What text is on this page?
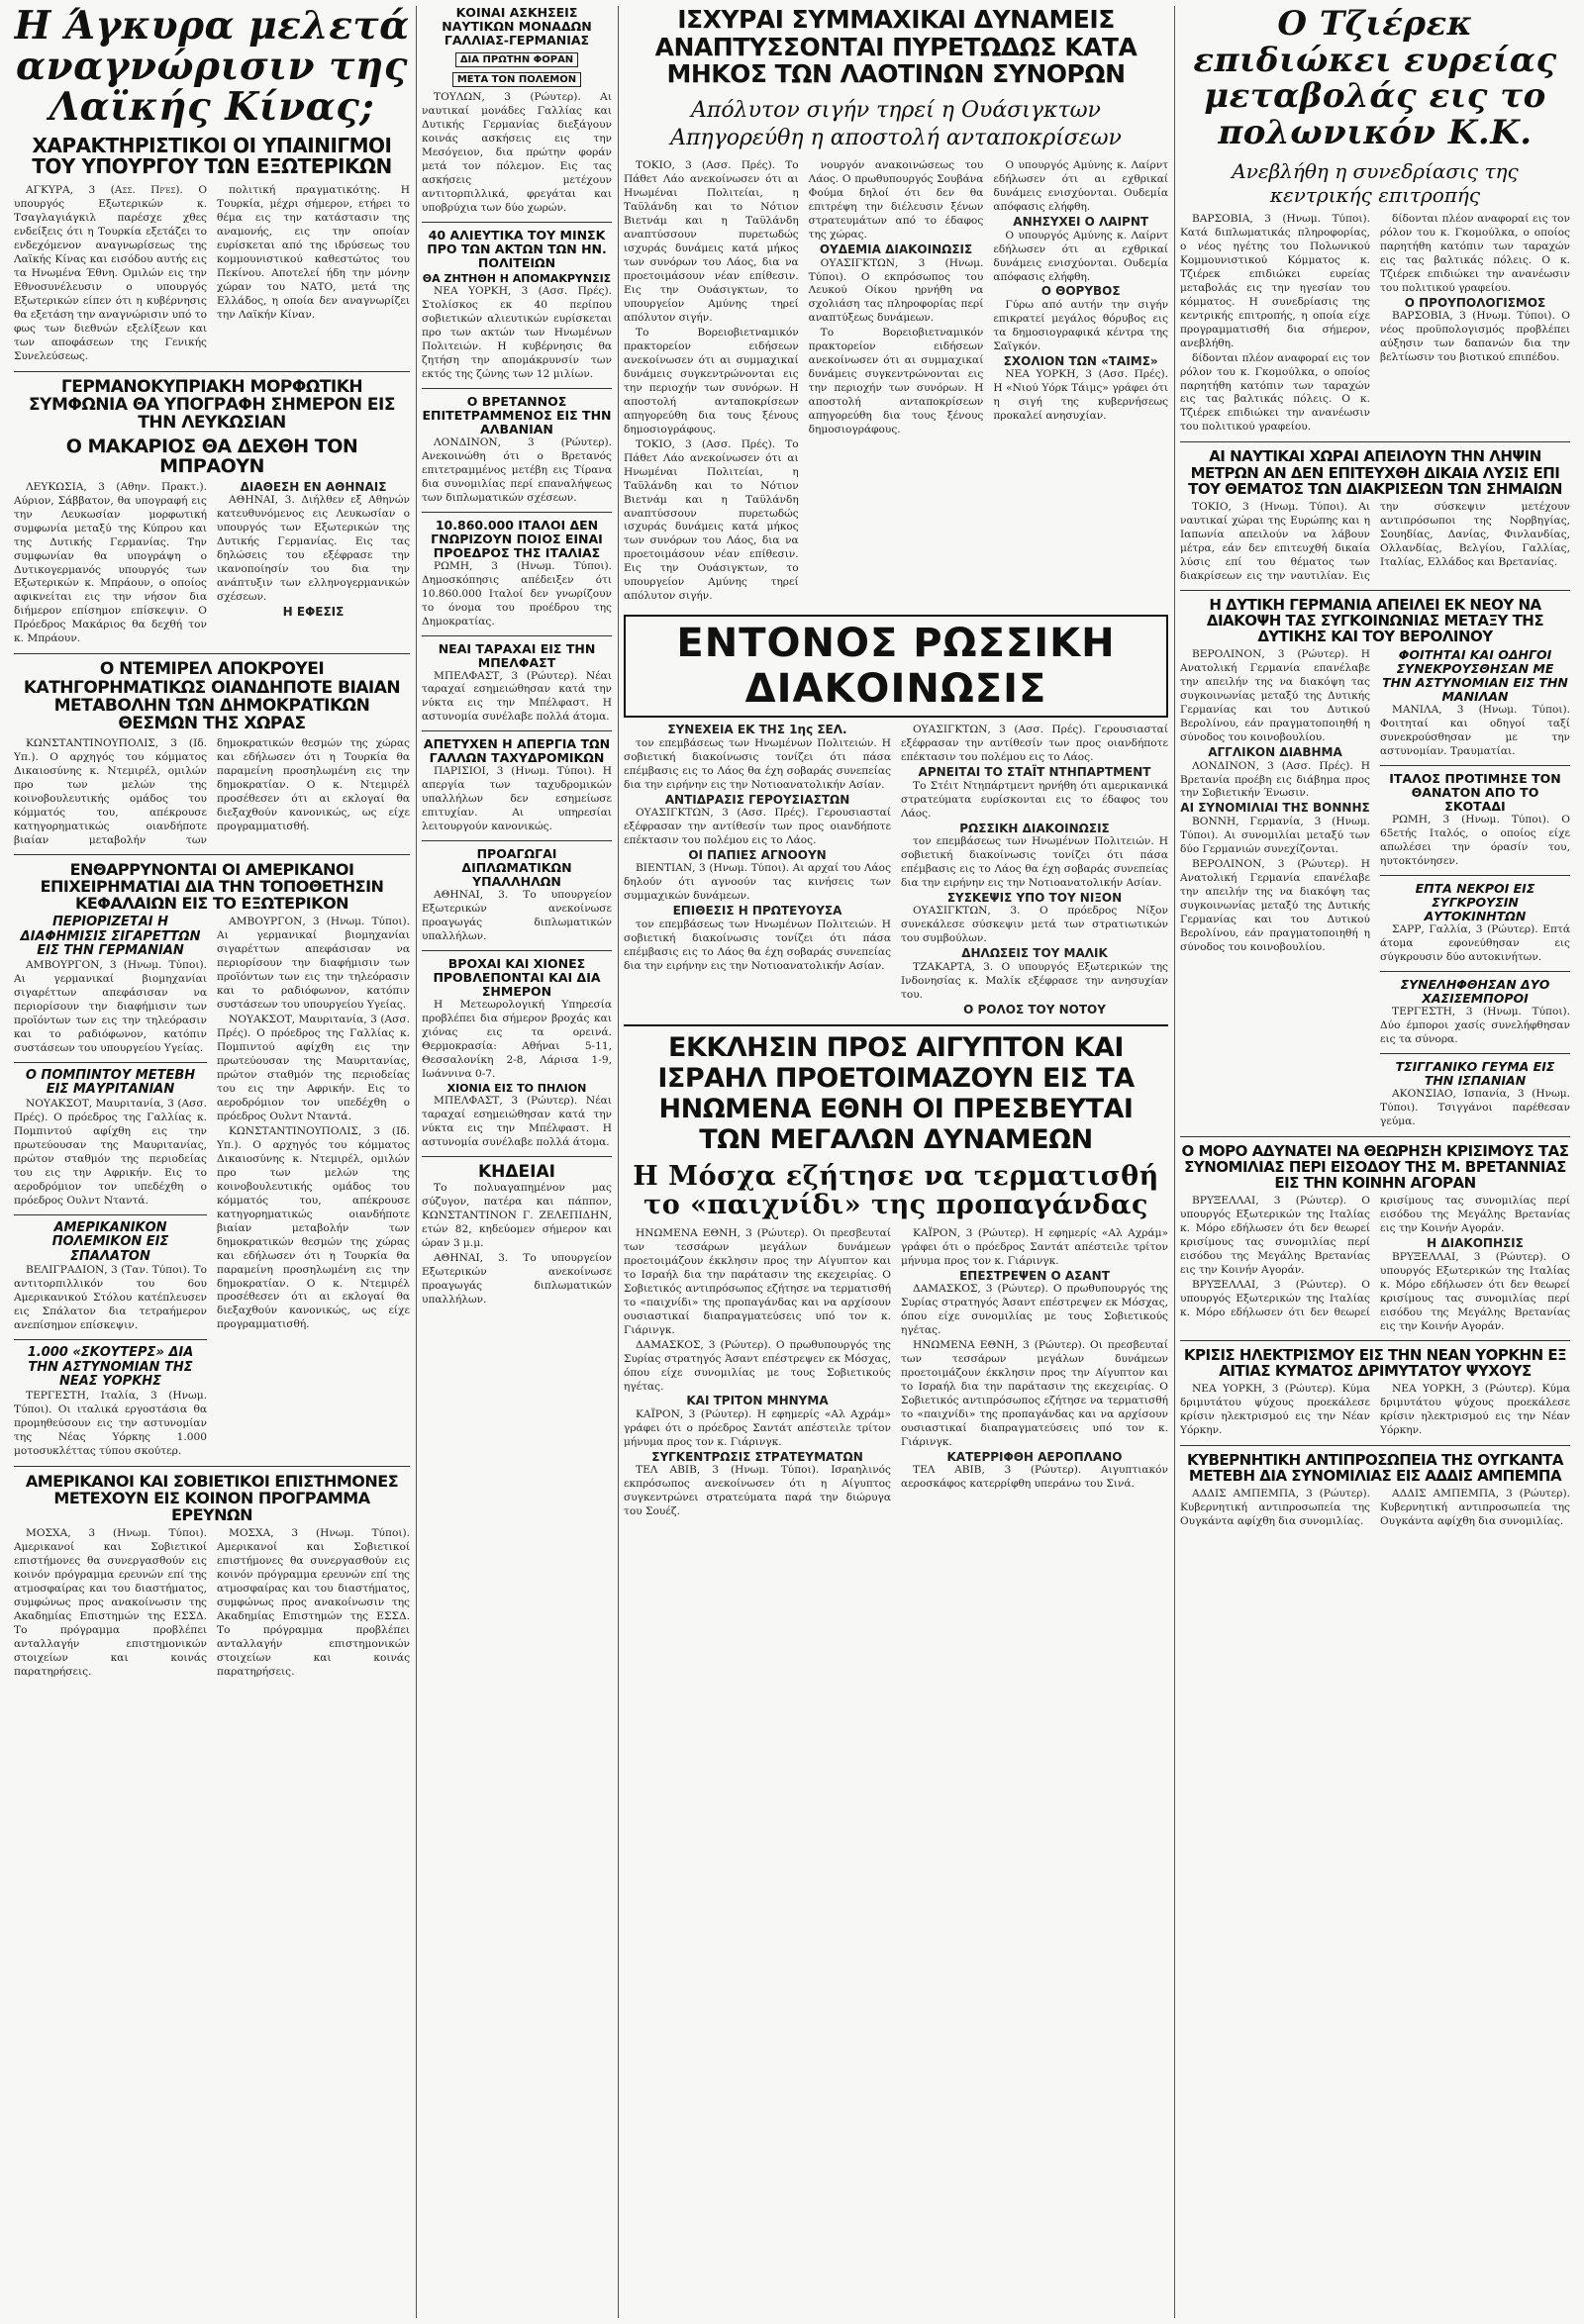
Η Άγκυρα μελετά αναγνώρισιν της Λαϊκής Κίνας;
ΧΑΡΑΚΤΗΡΙΣΤΙΚΟΙ ΟΙ ΥΠΑΙΝΙΓΜΟΙ ΤΟΥ ΥΠΟΥΡΓΟΥ ΤΩΝ ΕΞΩΤΕΡΙΚΩΝ

ΑΓΚΥΡΑ, 3 (Ασσ. Πρές). Ο υπουργός Εξωτερικών κ. Τσαγλαγιάγκιλ παρέσχε χθες ενδείξεις ότι η Τουρκία εξετάζει το ενδεχόμενον αναγνωρίσεως της Λαϊκής Κίνας και εισόδου αυτής εις τα Ηνωμένα Έθνη. Ομιλών εις την Εθνοσυνέλευσιν ο υπουργός Εξωτερικών είπεν ότι η κυβέρνησις θα εξετάση την αναγνώρισιν υπό το φως των διεθνών εξελίξεων και των αποφάσεων της Γενικής Συνελεύσεως.

πολιτική πραγματικότης. Η Τουρκία, μέχρι σήμερον, ετήρει το θέμα εις την κατάστασιν της αναμονής, εις την οποίαν ευρίσκεται από της ιδρύσεως του κομμουνιστικού καθεστώτος του Πεκίνου. Αποτελεί ήδη την μόνην χώραν του ΝΑΤΟ, μετά της Ελλάδος, η οποία δεν αναγνωρίζει την Λαϊκήν Κίναν.

ΓΕΡΜΑΝΟΚΥΠΡΙΑΚΗ ΜΟΡΦΩΤΙΚΗ ΣΥΜΦΩΝΙΑ ΘΑ ΥΠΟΓΡΑΦΗ ΣΗΜΕΡΟΝ ΕΙΣ ΤΗΝ ΛΕΥΚΩΣΙΑΝ
Ο ΜΑΚΑΡΙΟΣ ΘΑ ΔΕΧΘΗ ΤΟΝ ΜΠΡΑΟΥΝ

ΛΕΥΚΩΣΙΑ, 3 (Αθην. Πρακτ.). Αύριον, Σάββατον, θα υπογραφή εις την Λευκωσίαν μορφωτική συμφωνία μεταξύ της Κύπρου και της Δυτικής Γερμανίας. Την συμφωνίαν θα υπογράψη ο Δυτικογερμανός υπουργός των Εξωτερικών κ. Μπράουν, ο οποίος αφικνείται εις την νήσον δια διήμερον επίσημον επίσκεψιν. Ο Πρόεδρος Μακάριος θα δεχθή τον κ. Μπράουν.

ΔΙΑΘΕΣΗ ΕΝ ΑΘΗΝΑΙΣ

ΑΘΗΝΑΙ, 3. Διήλθεν εξ Αθηνών κατευθυνόμενος εις Λευκωσίαν ο υπουργός των Εξωτερικών της Δυτικής Γερμανίας. Εις τας δηλώσεις του εξέφρασε την ικανοποίησίν του δια την ανάπτυξιν των ελληνογερμανικών σχέσεων.

Η ΕΦΕΣΙΣ
Ο ΝΤΕΜΙΡΕΛ ΑΠΟΚΡΟΥΕΙ ΚΑΤΗΓΟΡΗΜΑΤΙΚΩΣ ΟΙΑΝΔΗΠΟΤΕ ΒΙΑΙΑΝ ΜΕΤΑΒΟΛΗΝ ΤΩΝ ΔΗΜΟΚΡΑΤΙΚΩΝ ΘΕΣΜΩΝ ΤΗΣ ΧΩΡΑΣ

ΚΩΝΣΤΑΝΤΙΝΟΥΠΟΛΙΣ, 3 (Ιδ. Υπ.). Ο αρχηγός του κόμματος Δικαιοσύνης κ. Ντεμιρέλ, ομιλών προ των μελών της κοινοβουλευτικής ομάδος του κόμματός του, απέκρουσε κατηγορηματικώς οιανδήποτε βιαίαν μεταβολήν των δημοκρατικών θεσμών της χώρας και εδήλωσεν ότι η Τουρκία θα παραμείνη προσηλωμένη εις την δημοκρατίαν. Ο κ. Ντεμιρέλ προσέθεσεν ότι αι εκλογαί θα διεξαχθούν κανονικώς, ως είχε προγραμματισθή.

ΕΝΘΑΡΡΥΝΟΝΤΑΙ ΟΙ ΑΜΕΡΙΚΑΝΟΙ ΕΠΙΧΕΙΡΗΜΑΤΙΑΙ ΔΙΑ ΤΗΝ ΤΟΠΟΘΕΤΗΣΙΝ ΚΕΦΑΛΑΙΩΝ ΕΙΣ ΤΟ ΕΞΩΤΕΡΙΚΟΝ
ΠΕΡΙΟΡΙΖΕΤΑΙ Η ΔΙΑΦΗΜΙΣΙΣ ΣΙΓΑΡΕΤΤΩΝ ΕΙΣ ΤΗΝ ΓΕΡΜΑΝΙΑΝ

ΑΜΒΟΥΡΓΟΝ, 3 (Ηνωμ. Τύποι). Αι γερμανικαί βιομηχανίαι σιγαρέττων απεφάσισαν να περιορίσουν την διαφήμισιν των προϊόντων των εις την τηλεόρασιν και το ραδιόφωνον, κατόπιν συστάσεων του υπουργείου Υγείας.

Ο ΠΟΜΠΙΝΤΟΥ ΜΕΤΕΒΗ ΕΙΣ ΜΑΥΡΙΤΑΝΙΑΝ

ΝΟΥΑΚΣΟΤ, Μαυριτανία, 3 (Ασσ. Πρές). Ο πρόεδρος της Γαλλίας κ. Πομπιντού αφίχθη εις την πρωτεύουσαν της Μαυριτανίας, πρώτον σταθμόν της περιοδείας του εις την Αφρικήν. Εις το αεροδρόμιον τον υπεδέχθη ο πρόεδρος Ουλντ Νταντά.

ΑΜΕΡΙΚΑΝΙΚΟΝ ΠΟΛΕΜΙΚΟΝ ΕΙΣ ΣΠΑΛΑΤΟΝ

ΒΕΛΙΓΡΑΔΙΟΝ, 3 (Ταν. Τύποι). Το αντιτορπιλλικόν του 6ου Αμερικανικού Στόλου κατέπλευσεν εις Σπάλατον δια τετραήμερον ανεπίσημον επίσκεψιν.

1.000 «ΣΚΟΥΤΕΡΣ» ΔΙΑ ΤΗΝ ΑΣΤΥΝΟΜΙΑΝ ΤΗΣ ΝΕΑΣ ΥΟΡΚΗΣ

ΤΕΡΓΕΣΤΗ, Ιταλία, 3 (Ηνωμ. Τύποι). Οι ιταλικά εργοστάσια θα προμηθεύσουν εις την αστυνομίαν της Νέας Υόρκης 1.000 μοτοσυκλέττας τύπου σκούτερ.

ΑΜΒΟΥΡΓΟΝ, 3 (Ηνωμ. Τύποι). Αι γερμανικαί βιομηχανίαι σιγαρέττων απεφάσισαν να περιορίσουν την διαφήμισιν των προϊόντων των εις την τηλεόρασιν και το ραδιόφωνον, κατόπιν συστάσεων του υπουργείου Υγείας.

ΝΟΥΑΚΣΟΤ, Μαυριτανία, 3 (Ασσ. Πρές). Ο πρόεδρος της Γαλλίας κ. Πομπιντού αφίχθη εις την πρωτεύουσαν της Μαυριτανίας, πρώτον σταθμόν της περιοδείας του εις την Αφρικήν. Εις το αεροδρόμιον τον υπεδέχθη ο πρόεδρος Ουλντ Νταντά.

ΚΩΝΣΤΑΝΤΙΝΟΥΠΟΛΙΣ, 3 (Ιδ. Υπ.). Ο αρχηγός του κόμματος Δικαιοσύνης κ. Ντεμιρέλ, ομιλών προ των μελών της κοινοβουλευτικής ομάδος του κόμματός του, απέκρουσε κατηγορηματικώς οιανδήποτε βιαίαν μεταβολήν των δημοκρατικών θεσμών της χώρας και εδήλωσεν ότι η Τουρκία θα παραμείνη προσηλωμένη εις την δημοκρατίαν. Ο κ. Ντεμιρέλ προσέθεσεν ότι αι εκλογαί θα διεξαχθούν κανονικώς, ως είχε προγραμματισθή.

ΑΜΕΡΙΚΑΝΟΙ ΚΑΙ ΣΟΒΙΕΤΙΚΟΙ ΕΠΙΣΤΗΜΟΝΕΣ ΜΕΤΕΧΟΥΝ ΕΙΣ ΚΟΙΝΟΝ ΠΡΟΓΡΑΜΜΑ ΕΡΕΥΝΩΝ

ΜΟΣΧΑ, 3 (Ηνωμ. Τύποι). Αμερικανοί και Σοβιετικοί επιστήμονες θα συνεργασθούν εις κοινόν πρόγραμμα ερευνών επί της ατμοσφαίρας και του διαστήματος, συμφώνως προς ανακοίνωσιν της Ακαδημίας Επιστημών της ΕΣΣΔ. Το πρόγραμμα προβλέπει ανταλλαγήν επιστημονικών στοιχείων και κοινάς παρατηρήσεις.

ΜΟΣΧΑ, 3 (Ηνωμ. Τύποι). Αμερικανοί και Σοβιετικοί επιστήμονες θα συνεργασθούν εις κοινόν πρόγραμμα ερευνών επί της ατμοσφαίρας και του διαστήματος, συμφώνως προς ανακοίνωσιν της Ακαδημίας Επιστημών της ΕΣΣΔ. Το πρόγραμμα προβλέπει ανταλλαγήν επιστημονικών στοιχείων και κοινάς παρατηρήσεις.

ΚΟΙΝΑΙ ΑΣΚΗΣΕΙΣ ΝΑΥΤΙΚΩΝ ΜΟΝΑΔΩΝ ΓΑΛΛΙΑΣ-ΓΕΡΜΑΝΙΑΣ
ΔΙΑ ΠΡΩΤΗΝ ΦΟΡΑΝ
ΜΕΤΑ ΤΟΝ ΠΟΛΕΜΟΝ

ΤΟΥΛΩΝ, 3 (Ρώυτερ). Αι ναυτικαί μονάδες Γαλλίας και Δυτικής Γερμανίας διεξάγουν κοινάς ασκήσεις εις την Μεσόγειον, δια πρώτην φοράν μετά τον πόλεμον. Εις τας ασκήσεις μετέχουν αντιτορπιλλικά, φρεγάται και υποβρύχια των δύο χωρών.

40 ΑΛΙΕΥΤΙΚΑ ΤΟΥ ΜΙΝΣΚ ΠΡΟ ΤΩΝ ΑΚΤΩΝ ΤΩΝ ΗΝ. ΠΟΛΙΤΕΙΩΝ
ΘΑ ΖΗΤΗΘΗ Η ΑΠΟΜΑΚΡΥΝΣΙΣ

ΝΕΑ ΥΟΡΚΗ, 3 (Ασσ. Πρές). Στολίσκος εκ 40 περίπου σοβιετικών αλιευτικών ευρίσκεται προ των ακτών των Ηνωμένων Πολιτειών. Η κυβέρνησις θα ζητήση την απομάκρυνσίν των εκτός της ζώνης των 12 μιλίων.

Ο ΒΡΕΤΑΝΝΟΣ ΕΠΙΤΕΤΡΑΜΜΕΝΟΣ ΕΙΣ ΤΗΝ ΑΛΒΑΝΙΑΝ

ΛΟΝΔΙΝΟΝ, 3 (Ρώυτερ). Ανεκοινώθη ότι ο Βρετανός επιτετραμμένος μετέβη εις Τίρανα δια συνομιλίας περί επαναλήψεως των διπλωματικών σχέσεων.

10.860.000 ΙΤΑΛΟΙ ΔΕΝ ΓΝΩΡΙΖΟΥΝ ΠΟΙΟΣ ΕΙΝΑΙ ΠΡΟΕΔΡΟΣ ΤΗΣ ΙΤΑΛΙΑΣ

ΡΩΜΗ, 3 (Ηνωμ. Τύποι). Δημοσκόπησις απέδειξεν ότι 10.860.000 Ιταλοί δεν γνωρίζουν το όνομα του προέδρου της Δημοκρατίας.

ΝΕΑΙ ΤΑΡΑΧΑΙ ΕΙΣ ΤΗΝ ΜΠΕΛΦΑΣΤ

ΜΠΕΛΦΑΣΤ, 3 (Ρώυτερ). Νέαι ταραχαί εσημειώθησαν κατά την νύκτα εις την Μπέλφαστ. Η αστυνομία συνέλαβε πολλά άτομα.

ΑΠΕΤΥΧΕΝ Η ΑΠΕΡΓΙΑ ΤΩΝ ΓΑΛΛΩΝ ΤΑΧΥΔΡΟΜΙΚΩΝ

ΠΑΡΙΣΙΟΙ, 3 (Ηνωμ. Τύποι). Η απεργία των ταχυδρομικών υπαλλήλων δεν εσημείωσε επιτυχίαν. Αι υπηρεσίαι λειτουργούν κανονικώς.

ΠΡΟΑΓΩΓΑΙ ΔΙΠΛΩΜΑΤΙΚΩΝ ΥΠΑΛΛΗΛΩΝ

ΑΘΗΝΑΙ, 3. Το υπουργείον Εξωτερικών ανεκοίνωσε προαγωγάς διπλωματικών υπαλλήλων.

ΒΡΟΧΑΙ ΚΑΙ ΧΙΟΝΕΣ ΠΡΟΒΛΕΠΟΝΤΑΙ ΚΑΙ ΔΙΑ ΣΗΜΕΡΟΝ

Η Μετεωρολογική Υπηρεσία προβλέπει δια σήμερον βροχάς και χιόνας εις τα ορεινά. Θερμοκρασία: Αθήναι 5-11, Θεσσαλονίκη 2-8, Λάρισα 1-9, Ιωάννινα 0-7.

ΧΙΟΝΙΑ ΕΙΣ ΤΟ ΠΗΛΙΟΝ

ΜΠΕΛΦΑΣΤ, 3 (Ρώυτερ). Νέαι ταραχαί εσημειώθησαν κατά την νύκτα εις την Μπέλφαστ. Η αστυνομία συνέλαβε πολλά άτομα.

ΚΗΔΕΙΑΙ

Το πολυαγαπημένον μας σύζυγον, πατέρα και πάππον, ΚΩΝΣΤΑΝΤΙΝΟΝ Γ. ΖΕΛΕΠΙΔΗΝ, ετών 82, κηδεύομεν σήμερον και ώραν 3 μ.μ.

ΑΘΗΝΑΙ, 3. Το υπουργείον Εξωτερικών ανεκοίνωσε προαγωγάς διπλωματικών υπαλλήλων.

ΙΣΧΥΡΑΙ ΣΥΜΜΑΧΙΚΑΙ ΔΥΝΑΜΕΙΣ ΑΝΑΠΤΥΣΣΟΝΤΑΙ ΠΥΡΕΤΩΔΩΣ ΚΑΤΑ ΜΗΚΟΣ ΤΩΝ ΛΑΟΤΙΝΩΝ ΣΥΝΟΡΩΝ
Απόλυτον σιγήν τηρεί η Ουάσιγκτων
Απηγορεύθη η αποστολή ανταποκρίσεων

ΤΟΚΙΟ, 3 (Ασσ. Πρές). Το Πάθετ Λάο ανεκοίνωσεν ότι αι Ηνωμέναι Πολιτείαι, η Ταϋλάνδη και το Νότιον Βιετνάμ και η Ταϋλάνδη αναπτύσσουν πυρετωδώς ισχυράς δυνάμεις κατά μήκος των συνόρων του Λάος, δια να προετοιμάσουν νέαν επίθεσιν. Εις την Ουάσιγκτων, το υπουργείον Αμύνης τηρεί απόλυτον σιγήν.

Το Βορειοβιετναμικόν πρακτορείον ειδήσεων ανεκοίνωσεν ότι αι συμμαχικαί δυνάμεις συγκεντρώνονται εις την περιοχήν των συνόρων. Η αποστολή ανταποκρίσεων απηγορεύθη δια τους ξένους δημοσιογράφους.

ΤΟΚΙΟ, 3 (Ασσ. Πρές). Το Πάθετ Λάο ανεκοίνωσεν ότι αι Ηνωμέναι Πολιτείαι, η Ταϋλάνδη και το Νότιον Βιετνάμ και η Ταϋλάνδη αναπτύσσουν πυρετωδώς ισχυράς δυνάμεις κατά μήκος των συνόρων του Λάος, δια να προετοιμάσουν νέαν επίθεσιν. Εις την Ουάσιγκτων, το υπουργείον Αμύνης τηρεί απόλυτον σιγήν.

νουργόν ανακοινώσεως του Λάος. Ο πρωθυπουργός Σουβάνα Φούμα δηλοί ότι δεν θα επιτρέψη την διέλευσιν ξένων στρατευμάτων από το έδαφος της χώρας.

ΟΥΔΕΜΙΑ ΔΙΑΚΟΙΝΩΣΙΣ

ΟΥΑΣΙΓΚΤΩΝ, 3 (Ηνωμ. Τύποι). Ο εκπρόσωπος του Λευκού Οίκου ηρνήθη να σχολιάση τας πληροφορίας περί αναπτύξεως δυνάμεων.

Το Βορειοβιετναμικόν πρακτορείον ειδήσεων ανεκοίνωσεν ότι αι συμμαχικαί δυνάμεις συγκεντρώνονται εις την περιοχήν των συνόρων. Η αποστολή ανταποκρίσεων απηγορεύθη δια τους ξένους δημοσιογράφους.

Ο υπουργός Αμύνης κ. Λαίρντ εδήλωσεν ότι αι εχθρικαί δυνάμεις ενισχύονται. Ουδεμία απόφασις ελήφθη.

ΑΝΗΣΥΧΕΙ Ο ΛΑΙΡΝΤ

Ο υπουργός Αμύνης κ. Λαίρντ εδήλωσεν ότι αι εχθρικαί δυνάμεις ενισχύονται. Ουδεμία απόφασις ελήφθη.

Ο ΘΟΡΥΒΟΣ

Γύρω από αυτήν την σιγήν επικρατεί μεγάλος θόρυβος εις τα δημοσιογραφικά κέντρα της Σαϊγκόν.

ΣΧΟΛΙΟΝ ΤΩΝ «ΤΑΙΜΣ»

ΝΕΑ ΥΟΡΚΗ, 3 (Ασσ. Πρές). Η «Νιού Υόρκ Τάιμς» γράφει ότι η σιγή της κυβερνήσεως προκαλεί ανησυχίαν.

ΕΝΤΟΝΟΣ ΡΩΣΣΙΚΗ ΔΙΑΚΟΙΝΩΣΙΣ
ΣΥΝΕΧΕΙΑ ΕΚ ΤΗΣ 1ης ΣΕΛ.

τον επεμβάσεως των Ηνωμένων Πολιτειών. Η σοβιετική διακοίνωσις τονίζει ότι πάσα επέμβασις εις το Λάος θα έχη σοβαράς συνεπείας δια την ειρήνην εις την Νοτιοανατολικήν Ασίαν.

ΑΝΤΙΔΡΑΣΙΣ ΓΕΡΟΥΣΙΑΣΤΩΝ

ΟΥΑΣΙΓΚΤΩΝ, 3 (Ασσ. Πρές). Γερουσιασταί εξέφρασαν την αντίθεσίν των προς οιανδήποτε επέκτασιν του πολέμου εις το Λάος.

ΟΙ ΠΑΠΙΕΣ ΑΓΝΟΟΥΝ

ΒΙΕΝΤΙΑΝ, 3 (Ηνωμ. Τύποι). Αι αρχαί του Λάος δηλούν ότι αγνοούν τας κινήσεις των συμμαχικών δυνάμεων.

ΕΠΙΘΕΣΙΣ Η ΠΡΩΤΕΥΟΥΣΑ

τον επεμβάσεως των Ηνωμένων Πολιτειών. Η σοβιετική διακοίνωσις τονίζει ότι πάσα επέμβασις εις το Λάος θα έχη σοβαράς συνεπείας δια την ειρήνην εις την Νοτιοανατολικήν Ασίαν.

ΟΥΑΣΙΓΚΤΩΝ, 3 (Ασσ. Πρές). Γερουσιασταί εξέφρασαν την αντίθεσίν των προς οιανδήποτε επέκτασιν του πολέμου εις το Λάος.

ΑΡΝΕΙΤΑΙ ΤΟ ΣΤΑΪΤ ΝΤΗΠΑΡΤΜΕΝΤ

Το Στέιτ Ντηπάρτμεντ ηρνήθη ότι αμερικανικά στρατεύματα ευρίσκονται εις το έδαφος του Λάος.

ΡΩΣΣΙΚΗ ΔΙΑΚΟΙΝΩΣΙΣ

τον επεμβάσεως των Ηνωμένων Πολιτειών. Η σοβιετική διακοίνωσις τονίζει ότι πάσα επέμβασις εις το Λάος θα έχη σοβαράς συνεπείας δια την ειρήνην εις την Νοτιοανατολικήν Ασίαν.

ΣΥΣΚΕΨΙΣ ΥΠΟ ΤΟΥ ΝΙΞΟΝ

ΟΥΑΣΙΓΚΤΩΝ, 3. Ο πρόεδρος Νίξον συνεκάλεσε σύσκεψιν μετά των στρατιωτικών του συμβούλων.

ΔΗΛΩΣΕΙΣ ΤΟΥ ΜΑΛΙΚ

ΤΖΑΚΑΡΤΑ, 3. Ο υπουργός Εξωτερικών της Ινδονησίας κ. Μαλίκ εξέφρασε την ανησυχίαν του.

Ο ΡΟΛΟΣ ΤΟΥ ΝΟΤΟΥ
ΕΚΚΛΗΣΙΝ ΠΡΟΣ ΑΙΓΥΠΤΟΝ ΚΑΙ ΙΣΡΑΗΛ ΠΡΟΕΤΟΙΜΑΖΟΥΝ ΕΙΣ ΤΑ ΗΝΩΜΕΝΑ ΕΘΝΗ ΟΙ ΠΡΕΣΒΕΥΤΑΙ ΤΩΝ ΜΕΓΑΛΩΝ ΔΥΝΑΜΕΩΝ
Η Μόσχα εζήτησε να τερματισθή το «παιχνίδι» της προπαγάνδας

ΗΝΩΜΕΝΑ ΕΘΝΗ, 3 (Ρώυτερ). Οι πρεσβευταί των τεσσάρων μεγάλων δυνάμεων προετοιμάζουν έκκλησιν προς την Αίγυπτον και το Ισραήλ δια την παράτασιν της εκεχειρίας. Ο Σοβιετικός αντιπρόσωπος εζήτησε να τερματισθή το «παιχνίδι» της προπαγάνδας και να αρχίσουν ουσιαστικαί διαπραγματεύσεις υπό τον κ. Γιάρινγκ.

ΔΑΜΑΣΚΟΣ, 3 (Ρώυτερ). Ο πρωθυπουργός της Συρίας στρατηγός Άσαντ επέστρεψεν εκ Μόσχας, όπου είχε συνομιλίας με τους Σοβιετικούς ηγέτας.

ΚΑΙ ΤΡΙΤΟΝ ΜΗΝΥΜΑ

ΚΑΪΡΟΝ, 3 (Ρώυτερ). Η εφημερίς «Αλ Αχράμ» γράφει ότι ο πρόεδρος Σαντάτ απέστειλε τρίτον μήνυμα προς τον κ. Γιάρινγκ.

ΣΥΓΚΕΝΤΡΩΣΙΣ ΣΤΡΑΤΕΥΜΑΤΩΝ

ΤΕΛ ΑΒΙΒ, 3 (Ηνωμ. Τύποι). Ισραηλινός εκπρόσωπος ανεκοίνωσεν ότι η Αίγυπτος συγκεντρώνει στρατεύματα παρά την διώρυγα του Σουέζ.

ΚΑΪΡΟΝ, 3 (Ρώυτερ). Η εφημερίς «Αλ Αχράμ» γράφει ότι ο πρόεδρος Σαντάτ απέστειλε τρίτον μήνυμα προς τον κ. Γιάρινγκ.

ΕΠΕΣΤΡΕΨΕΝ Ο ΑΣΑΝΤ

ΔΑΜΑΣΚΟΣ, 3 (Ρώυτερ). Ο πρωθυπουργός της Συρίας στρατηγός Άσαντ επέστρεψεν εκ Μόσχας, όπου είχε συνομιλίας με τους Σοβιετικούς ηγέτας.

ΗΝΩΜΕΝΑ ΕΘΝΗ, 3 (Ρώυτερ). Οι πρεσβευταί των τεσσάρων μεγάλων δυνάμεων προετοιμάζουν έκκλησιν προς την Αίγυπτον και το Ισραήλ δια την παράτασιν της εκεχειρίας. Ο Σοβιετικός αντιπρόσωπος εζήτησε να τερματισθή το «παιχνίδι» της προπαγάνδας και να αρχίσουν ουσιαστικαί διαπραγματεύσεις υπό τον κ. Γιάρινγκ.

ΚΑΤΕΡΡΙΦΘΗ ΑΕΡΟΠΛΑΝΟ

ΤΕΛ ΑΒΙΒ, 3 (Ρώυτερ). Αιγυπτιακόν αεροσκάφος κατερρίφθη υπεράνω του Σινά.

Ο Τζιέρεκ επιδιώκει ευρείας μεταβολάς εις το πολωνικόν Κ.Κ.
Ανεβλήθη η συνεδρίασις της κεντρικής επιτροπής

ΒΑΡΣΟΒΙΑ, 3 (Ηνωμ. Τύποι). Κατά διπλωματικάς πληροφορίας, ο νέος ηγέτης του Πολωνικού Κομμουνιστικού Κόμματος κ. Τζιέρεκ επιδιώκει ευρείας μεταβολάς εις την ηγεσίαν του κόμματος. Η συνεδρίασις της κεντρικής επιτροπής, η οποία είχε προγραμματισθή δια σήμερον, ανεβλήθη.

δίδονται πλέον αναφοραί εις τον ρόλον του κ. Γκομούλκα, ο οποίος παρητήθη κατόπιν των ταραχών εις τας βαλτικάς πόλεις. Ο κ. Τζιέρεκ επιδιώκει την ανανέωσιν του πολιτικού γραφείου.

δίδονται πλέον αναφοραί εις τον ρόλον του κ. Γκομούλκα, ο οποίος παρητήθη κατόπιν των ταραχών εις τας βαλτικάς πόλεις. Ο κ. Τζιέρεκ επιδιώκει την ανανέωσιν του πολιτικού γραφείου.

Ο ΠΡΟΥΠΟΛΟΓΙΣΜΟΣ

ΒΑΡΣΟΒΙΑ, 3 (Ηνωμ. Τύποι). Ο νέος προϋπολογισμός προβλέπει αύξησιν των δαπανών δια την βελτίωσιν του βιοτικού επιπέδου.

ΑΙ ΝΑΥΤΙΚΑΙ ΧΩΡΑΙ ΑΠΕΙΛΟΥΝ ΤΗΝ ΛΗΨΙΝ ΜΕΤΡΩΝ ΑΝ ΔΕΝ ΕΠΙΤΕΥΧΘΗ ΔΙΚΑΙΑ ΛΥΣΙΣ ΕΠΙ ΤΟΥ ΘΕΜΑΤΟΣ ΤΩΝ ΔΙΑΚΡΙΣΕΩΝ ΤΩΝ ΣΗΜΑΙΩΝ

ΤΟΚΙΟ, 3 (Ηνωμ. Τύποι). Αι ναυτικαί χώραι της Ευρώπης και η Ιαπωνία απειλούν να λάβουν μέτρα, εάν δεν επιτευχθή δικαία λύσις επί του θέματος των διακρίσεων εις την ναυτιλίαν. Εις την σύσκεψιν μετέχουν αντιπρόσωποι της Νορβηγίας, Σουηδίας, Δανίας, Φινλανδίας, Ολλανδίας, Βελγίου, Γαλλίας, Ιταλίας, Ελλάδος και Βρετανίας.

Η ΔΥΤΙΚΗ ΓΕΡΜΑΝΙΑ ΑΠΕΙΛΕΙ ΕΚ ΝΕΟΥ ΝΑ ΔΙΑΚΟΨΗ ΤΑΣ ΣΥΓΚΟΙΝΩΝΙΑΣ ΜΕΤΑΞΥ ΤΗΣ ΔΥΤΙΚΗΣ ΚΑΙ ΤΟΥ ΒΕΡΟΛΙΝΟΥ

ΒΕΡΟΛΙΝΟΝ, 3 (Ρώυτερ). Η Ανατολική Γερμανία επανέλαβε την απειλήν της να διακόψη τας συγκοινωνίας μεταξύ της Δυτικής Γερμανίας και του Δυτικού Βερολίνου, εάν πραγματοποιηθή η σύνοδος του κοινοβουλίου.

ΑΓΓΛΙΚΟΝ ΔΙΑΒΗΜΑ

ΛΟΝΔΙΝΟΝ, 3 (Ασσ. Πρές). Η Βρετανία προέβη εις διάβημα προς την Σοβιετικήν Ένωσιν.

ΑΙ ΣΥΝΟΜΙΛΙΑΙ ΤΗΣ ΒΟΝΝΗΣ

ΒΟΝΝΗ, Γερμανία, 3 (Ηνωμ. Τύποι). Αι συνομιλίαι μεταξύ των δύο Γερμανιών συνεχίζονται.

ΒΕΡΟΛΙΝΟΝ, 3 (Ρώυτερ). Η Ανατολική Γερμανία επανέλαβε την απειλήν της να διακόψη τας συγκοινωνίας μεταξύ της Δυτικής Γερμανίας και του Δυτικού Βερολίνου, εάν πραγματοποιηθή η σύνοδος του κοινοβουλίου.

ΦΟΙΤΗΤΑΙ ΚΑΙ ΟΔΗΓΟΙ ΣΥΝΕΚΡΟΥΣΘΗΣΑΝ ΜΕ ΤΗΝ ΑΣΤΥΝΟΜΙΑΝ ΕΙΣ ΤΗΝ ΜΑΝΙΛΑΝ

ΜΑΝΙΛΑ, 3 (Ηνωμ. Τύποι). Φοιτηταί και οδηγοί ταξί συνεκρούσθησαν με την αστυνομίαν. Τραυματίαι.

ΙΤΑΛΟΣ ΠΡΟΤΙΜΗΣΕ ΤΟΝ ΘΑΝΑΤΟΝ ΑΠΟ ΤΟ ΣΚΟΤΑΔΙ

ΡΩΜΗ, 3 (Ηνωμ. Τύποι). Ο 65ετής Ιταλός, ο οποίος είχε απωλέσει την όρασίν του, ηυτοκτόνησεν.

ΕΠΤΑ ΝΕΚΡΟΙ ΕΙΣ ΣΥΓΚΡΟΥΣΙΝ ΑΥΤΟΚΙΝΗΤΩΝ

ΣΑΡΡ, Γαλλία, 3 (Ρώυτερ). Επτά άτομα εφονεύθησαν εις σύγκρουσιν δύο αυτοκινήτων.

ΣΥΝΕΛΗΦΘΗΣΑΝ ΔΥΟ ΧΑΣΙΣΕΜΠΟΡΟΙ

ΤΕΡΓΕΣΤΗ, 3 (Ηνωμ. Τύποι). Δύο έμποροι χασίς συνελήφθησαν εις τα σύνορα.

ΤΣΙΓΓΑΝΙΚΟ ΓΕΥΜΑ ΕΙΣ ΤΗΝ ΙΣΠΑΝΙΑΝ

ΑΚΟΝΣΙΑΟ, Ισπανία, 3 (Ηνωμ. Τύποι). Τσιγγάνοι παρέθεσαν γεύμα.

Ο ΜΟΡΟ ΑΔΥΝΑΤΕΙ ΝΑ ΘΕΩΡΗΣΗ ΚΡΙΣΙΜΟΥΣ ΤΑΣ ΣΥΝΟΜΙΛΙΑΣ ΠΕΡΙ ΕΙΣΟΔΟΥ ΤΗΣ Μ. ΒΡΕΤΑΝΝΙΑΣ ΕΙΣ ΤΗΝ ΚΟΙΝΗΝ ΑΓΟΡΑΝ

ΒΡΥΞΕΛΛΑΙ, 3 (Ρώυτερ). Ο υπουργός Εξωτερικών της Ιταλίας κ. Μόρο εδήλωσεν ότι δεν θεωρεί κρισίμους τας συνομιλίας περί εισόδου της Μεγάλης Βρετανίας εις την Κοινήν Αγοράν.

ΒΡΥΞΕΛΛΑΙ, 3 (Ρώυτερ). Ο υπουργός Εξωτερικών της Ιταλίας κ. Μόρο εδήλωσεν ότι δεν θεωρεί κρισίμους τας συνομιλίας περί εισόδου της Μεγάλης Βρετανίας εις την Κοινήν Αγοράν.

Η ΔΙΑΚΟΠΗΣΙΣ

ΒΡΥΞΕΛΛΑΙ, 3 (Ρώυτερ). Ο υπουργός Εξωτερικών της Ιταλίας κ. Μόρο εδήλωσεν ότι δεν θεωρεί κρισίμους τας συνομιλίας περί εισόδου της Μεγάλης Βρετανίας εις την Κοινήν Αγοράν.

ΚΡΙΣΙΣ ΗΛΕΚΤΡΙΣΜΟΥ ΕΙΣ ΤΗΝ ΝΕΑΝ ΥΟΡΚΗΝ ΕΞ ΑΙΤΙΑΣ ΚΥΜΑΤΟΣ ΔΡΙΜΥΤΑΤΟΥ ΨΥΧΟΥΣ

ΝΕΑ ΥΟΡΚΗ, 3 (Ρώυτερ). Κύμα δριμυτάτου ψύχους προεκάλεσε κρίσιν ηλεκτρισμού εις την Νέαν Υόρκην.

ΝΕΑ ΥΟΡΚΗ, 3 (Ρώυτερ). Κύμα δριμυτάτου ψύχους προεκάλεσε κρίσιν ηλεκτρισμού εις την Νέαν Υόρκην.

ΚΥΒΕΡΝΗΤΙΚΗ ΑΝΤΙΠΡΟΣΩΠΕΙΑ ΤΗΣ ΟΥΓΚΑΝΤΑ ΜΕΤΕΒΗ ΔΙΑ ΣΥΝΟΜΙΛΙΑΣ ΕΙΣ ΑΔΔΙΣ ΑΜΠΕΜΠΑ

ΑΔΔΙΣ ΑΜΠΕΜΠΑ, 3 (Ρώυτερ). Κυβερνητική αντιπροσωπεία της Ουγκάντα αφίχθη δια συνομιλίας.

ΑΔΔΙΣ ΑΜΠΕΜΠΑ, 3 (Ρώυτερ). Κυβερνητική αντιπροσωπεία της Ουγκάντα αφίχθη δια συνομιλίας.
